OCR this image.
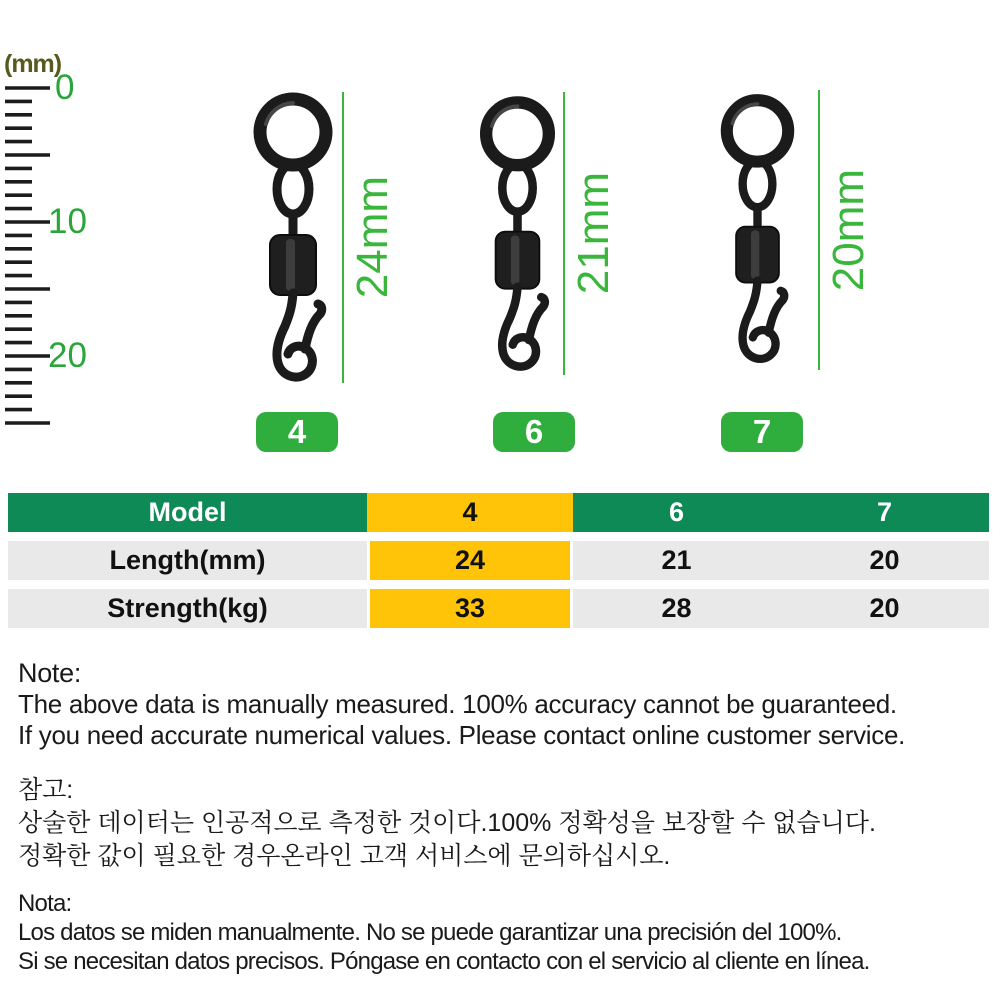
(mm)
0
10
20
24mm
4
21mm
6
20mm
7
Model	4	6	7
Length(mm)	24	21	20
Strength(kg)	33	28	20
Note:
The above data is manually measured. 100% accuracy cannot be guaranteed.
If you need accurate numerical values. Please contact online customer service.
참고:
상술한 데이터는 인공적으로 측정한 것이다.100% 정확성을 보장할 수 없습니다.
정확한 값이 필요한 경우온라인 고객 서비스에 문의하십시오.
Nota:
Los datos se miden manualmente. No se puede garantizar una precisión del 100%.
Si se necesitan datos precisos. Póngase en contacto con el servicio al cliente en línea.
